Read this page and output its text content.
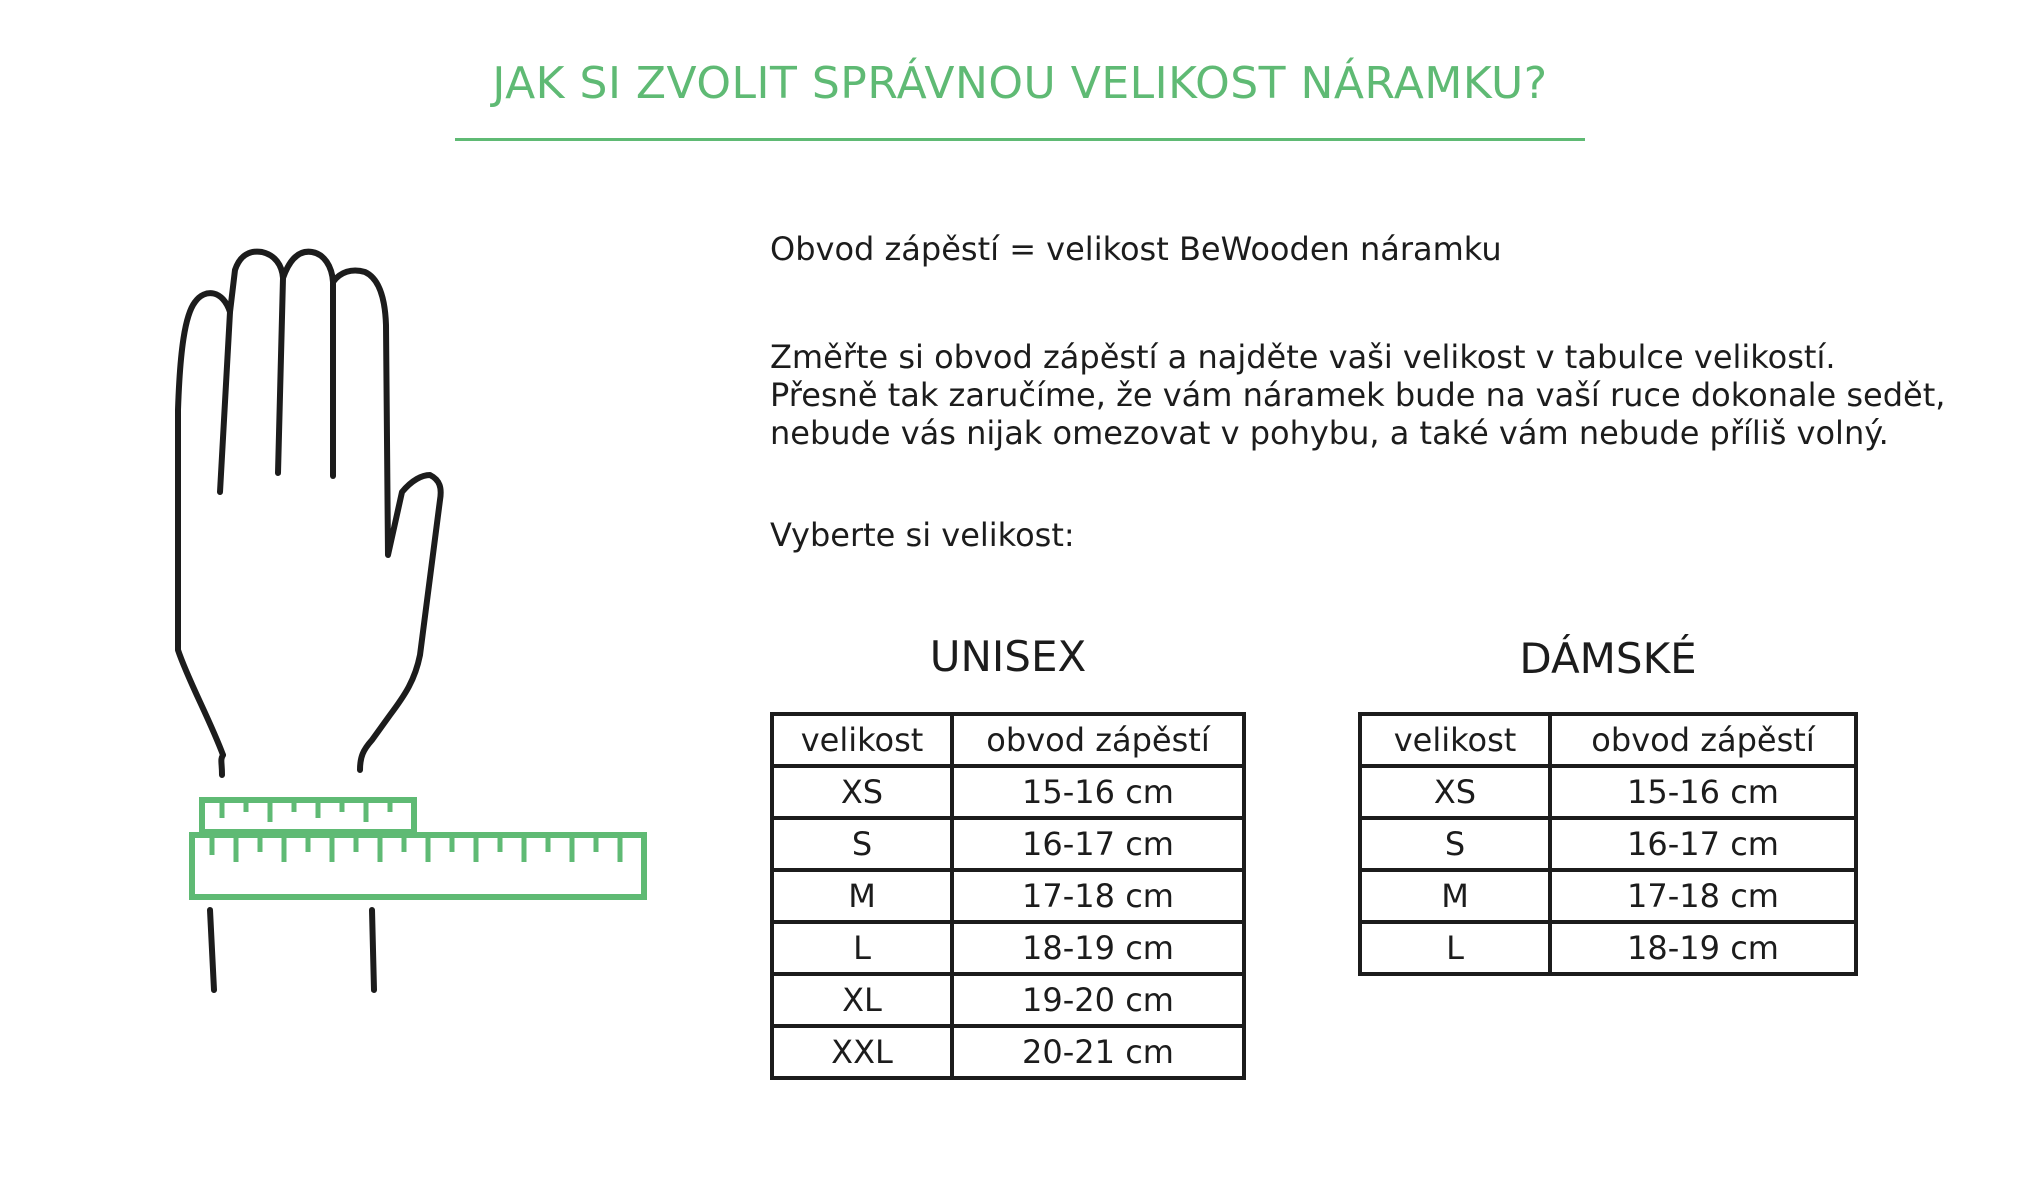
JAK SI ZVOLIT SPRÁVNOU VELIKOST NÁRAMKU?

Obvod zápěstí = velikost BeWooden náramku

Změřte si obvod zápěstí a najděte vaši velikost v tabulce velikostí.
Přesně tak zaručíme, že vám náramek bude na vaší ruce dokonale sedět,
nebude vás nijak omezovat v pohybu, a také vám nebude příliš volný.

Vyberte si velikost:

UNISEX
velikost	obvod zápěstí
XS	15-16 cm
S	16-17 cm
M	17-18 cm
L	18-19 cm
XL	19-20 cm
XXL	20-21 cm
DÁMSKÉ
velikost	obvod zápěstí
XS	15-16 cm
S	16-17 cm
M	17-18 cm
L	18-19 cm
